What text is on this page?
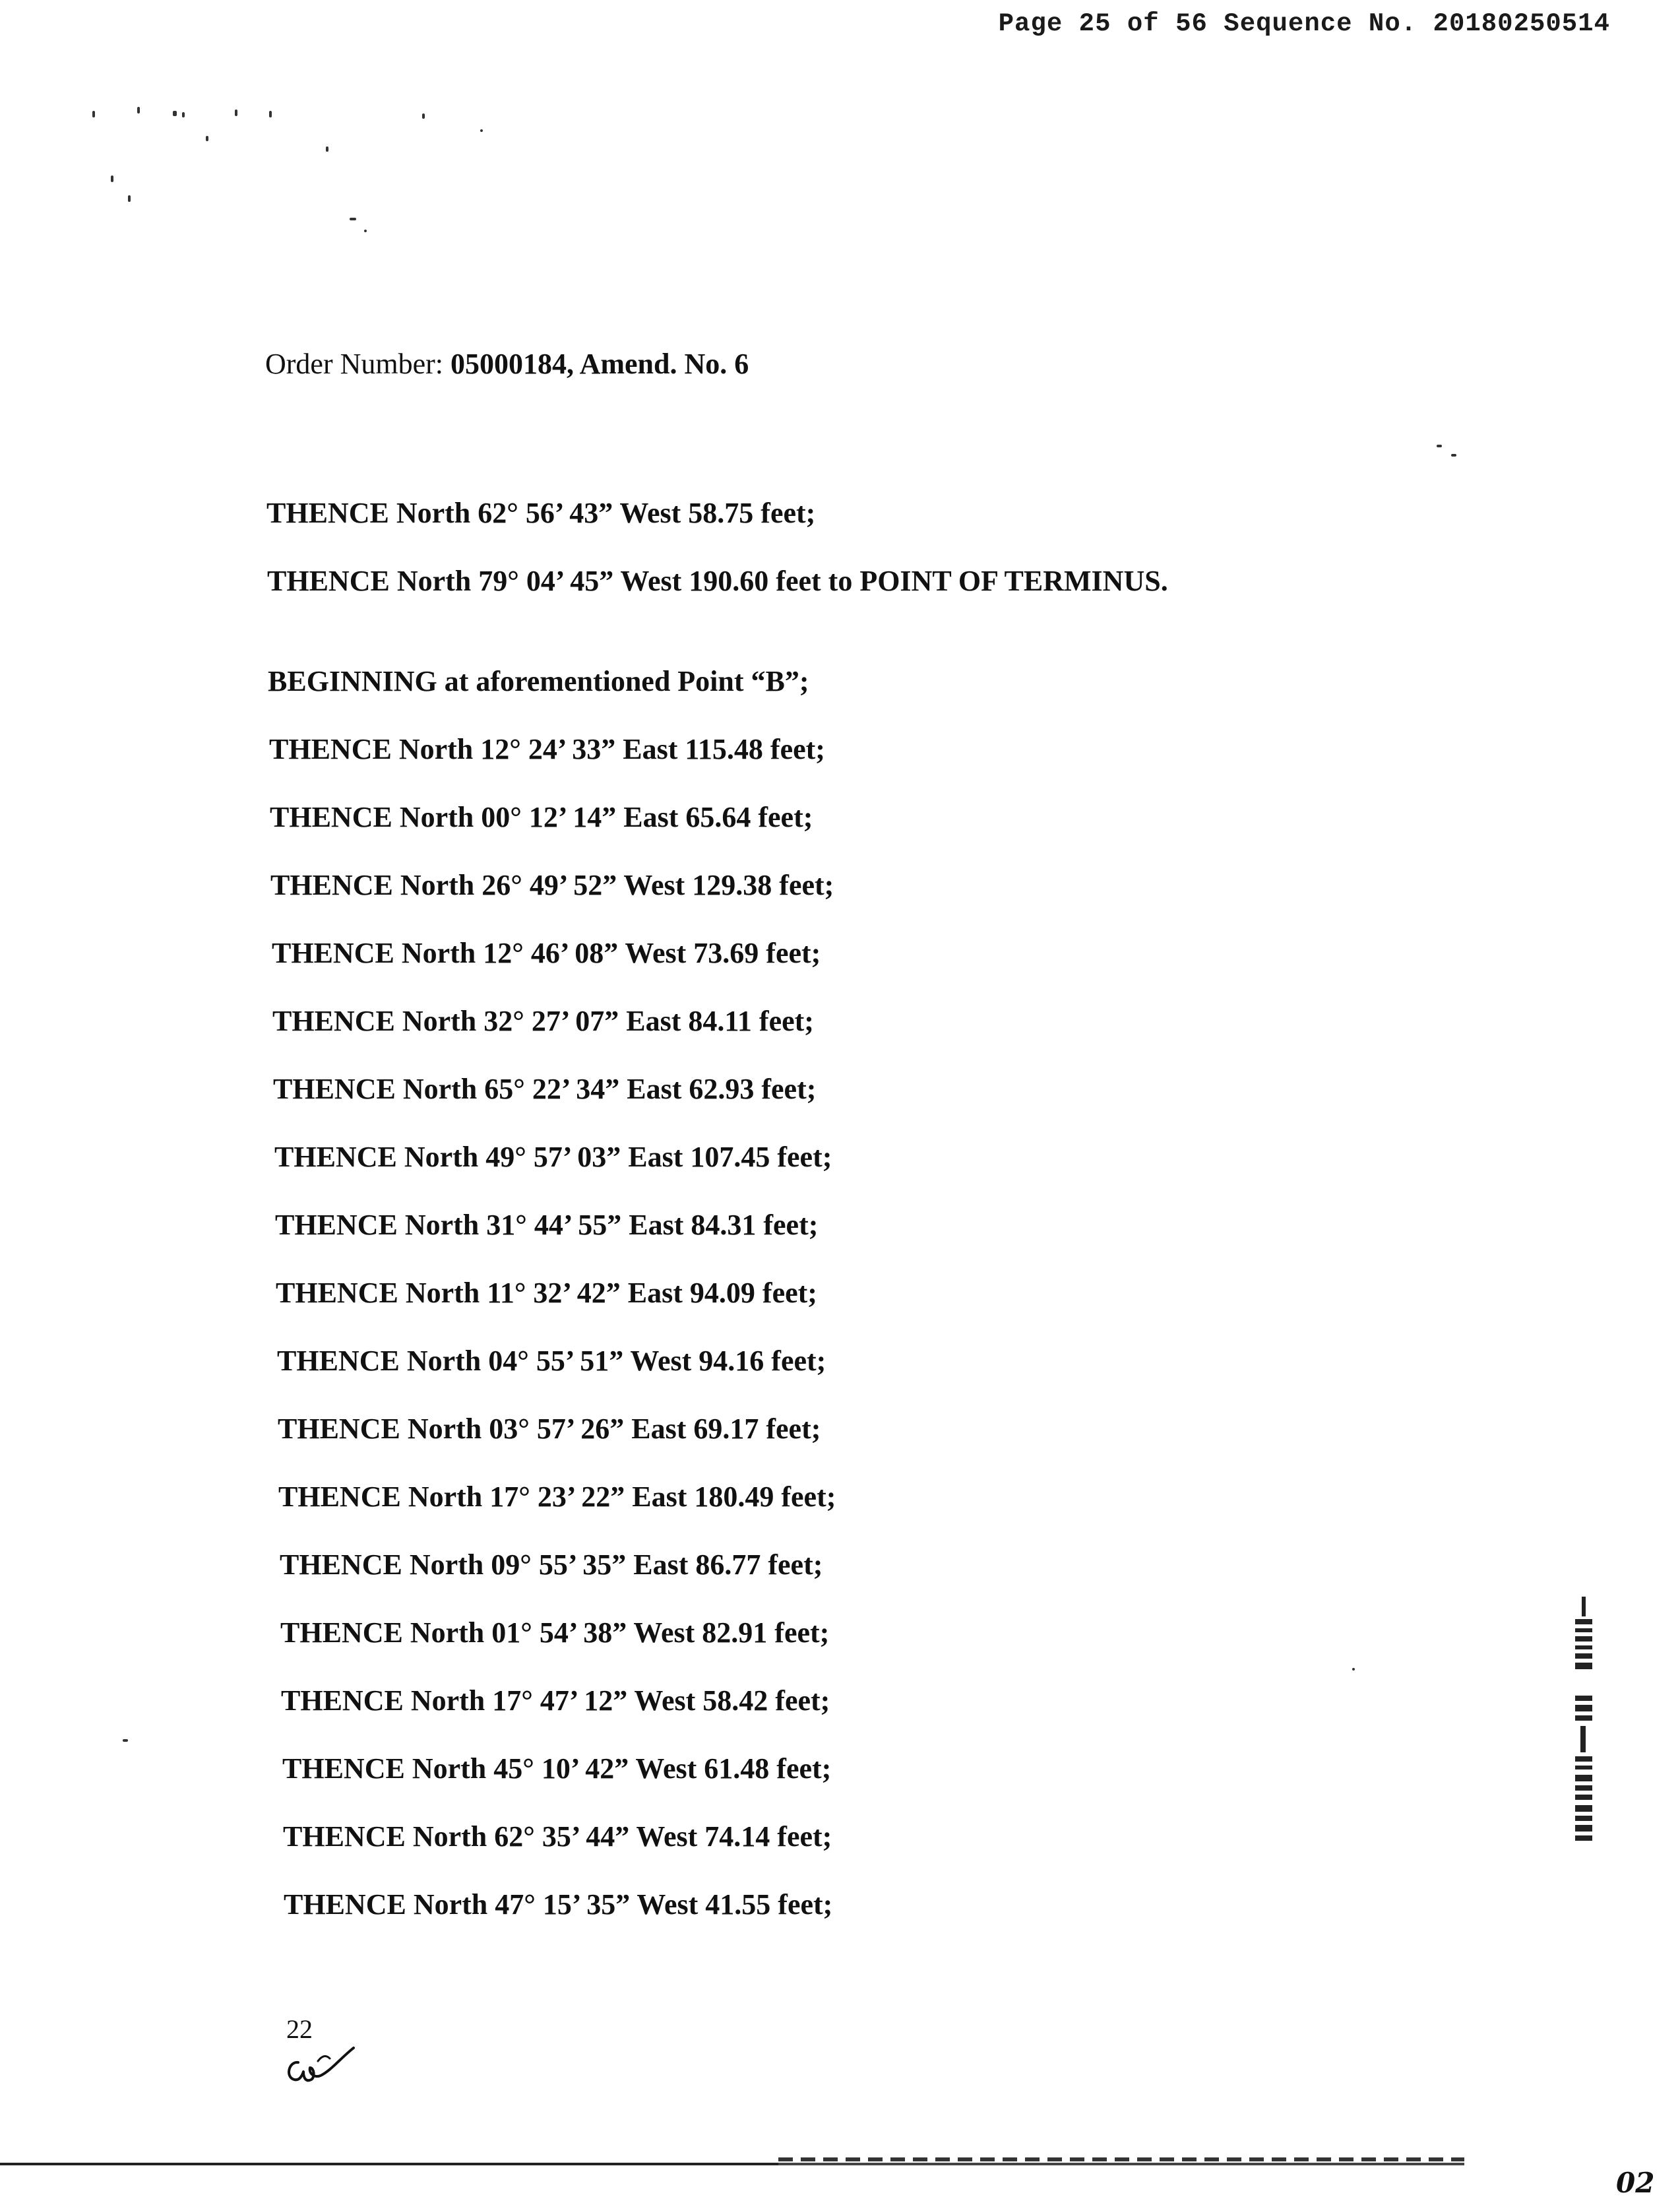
Page 25 of 56 Sequence No. 20180250514
Order Number: 05000184, Amend. No. 6
THENCE North 62° 56’ 43” West 58.75 feet;
THENCE North 79° 04’ 45” West 190.60 feet to POINT OF TERMINUS.
BEGINNING at aforementioned Point “B”;
THENCE North 12° 24’ 33” East 115.48 feet;
THENCE North 00° 12’ 14” East 65.64 feet;
THENCE North 26° 49’ 52” West 129.38 feet;
THENCE North 12° 46’ 08” West 73.69 feet;
THENCE North 32° 27’ 07” East 84.11 feet;
THENCE North 65° 22’ 34” East 62.93 feet;
THENCE North 49° 57’ 03” East 107.45 feet;
THENCE North 31° 44’ 55” East 84.31 feet;
THENCE North 11° 32’ 42” East 94.09 feet;
THENCE North 04° 55’ 51” West 94.16 feet;
THENCE North 03° 57’ 26” East 69.17 feet;
THENCE North 17° 23’ 22” East 180.49 feet;
THENCE North 09° 55’ 35” East 86.77 feet;
THENCE North 01° 54’ 38” West 82.91 feet;
THENCE North 17° 47’ 12” West 58.42 feet;
THENCE North 45° 10’ 42” West 61.48 feet;
THENCE North 62° 35’ 44” West 74.14 feet;
THENCE North 47° 15’ 35” West 41.55 feet;
22
02
